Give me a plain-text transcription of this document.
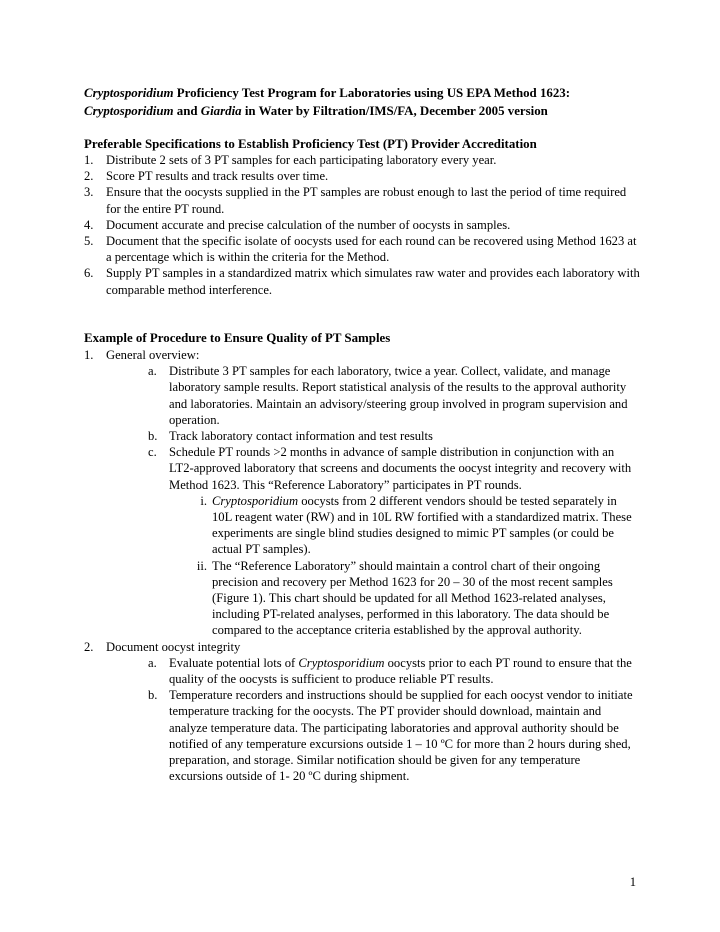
Cryptosporidium Proficiency Test Program for Laboratories using US EPA Method 1623:
Cryptosporidium and Giardia in Water by Filtration/IMS/FA, December 2005 version
Preferable Specifications to Establish Proficiency Test (PT) Provider Accreditation
1. Distribute 2 sets of 3 PT samples for each participating laboratory every year.
2. Score PT results and track results over time.
3. Ensure that the oocysts supplied in the PT samples are robust enough to last the period of time required for the entire PT round.
4. Document accurate and precise calculation of the number of oocysts in samples.
5. Document that the specific isolate of oocysts used for each round can be recovered using Method 1623 at a percentage which is within the criteria for the Method.
6. Supply PT samples in a standardized matrix which simulates raw water and provides each laboratory with comparable method interference.
Example of Procedure to Ensure Quality of PT Samples
1. General overview:
a. Distribute 3 PT samples for each laboratory, twice a year. Collect, validate, and manage laboratory sample results. Report statistical analysis of the results to the approval authority and laboratories. Maintain an advisory/steering group involved in program supervision and operation.
b. Track laboratory contact information and test results
c. Schedule PT rounds >2 months in advance of sample distribution in conjunction with an LT2-approved laboratory that screens and documents the oocyst integrity and recovery with Method 1623. This “Reference Laboratory” participates in PT rounds.
i. Cryptosporidium oocysts from 2 different vendors should be tested separately in 10L reagent water (RW) and in 10L RW fortified with a standardized matrix. These experiments are single blind studies designed to mimic PT samples (or could be actual PT samples).
ii. The “Reference Laboratory” should maintain a control chart of their ongoing precision and recovery per Method 1623 for 20 – 30 of the most recent samples (Figure 1). This chart should be updated for all Method 1623-related analyses, including PT-related analyses, performed in this laboratory. The data should be compared to the acceptance criteria established by the approval authority.
2. Document oocyst integrity
a. Evaluate potential lots of Cryptosporidium oocysts prior to each PT round to ensure that the quality of the oocysts is sufficient to produce reliable PT results.
b. Temperature recorders and instructions should be supplied for each oocyst vendor to initiate temperature tracking for the oocysts. The PT provider should download, maintain and analyze temperature data. The participating laboratories and approval authority should be notified of any temperature excursions outside 1 – 10 ºC for more than 2 hours during shed, preparation, and storage. Similar notification should be given for any temperature excursions outside of 1- 20 ºC during shipment.
1
